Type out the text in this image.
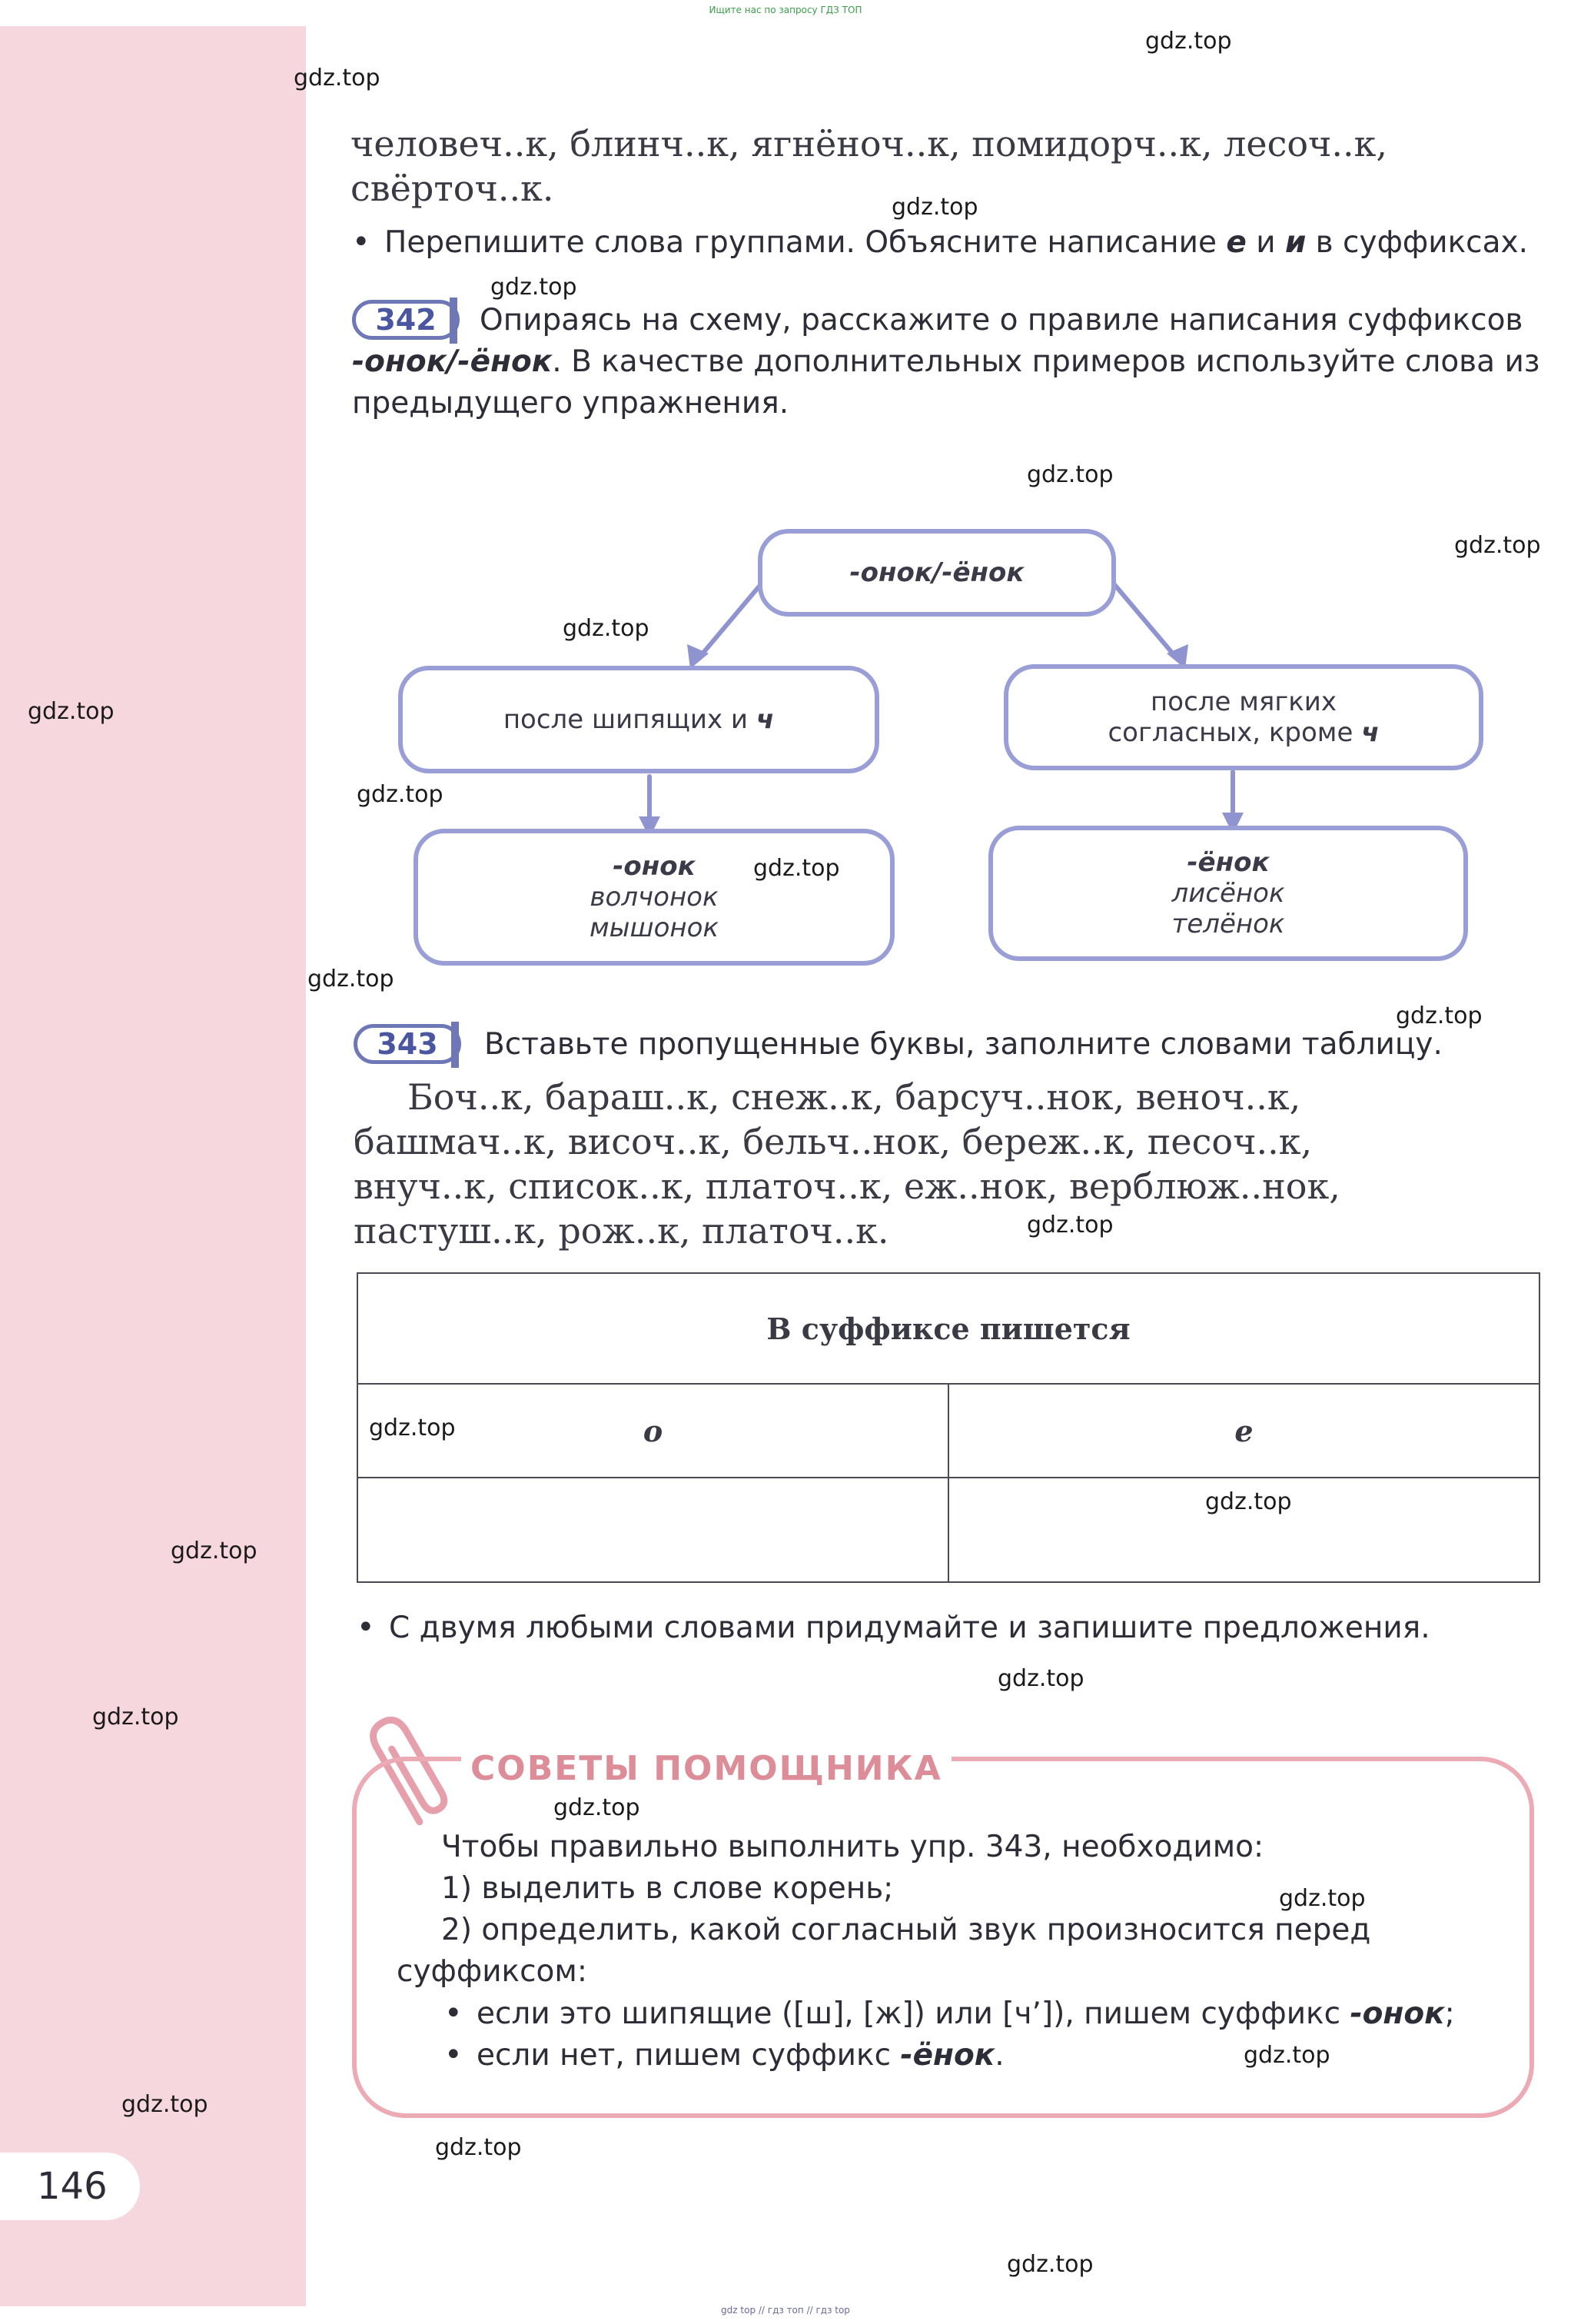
Ищите нас по запросу ГДЗ ТОП
человеч..к, блинч..к, ягнёноч..к, помидорч..к, лесоч..к,
свёрточ..к.
• Перепишите слова группами. Объясните написание е и и в суффиксах.
342	Опираясь на схему, расскажите о правиле написания суффиксов
-онок/-ёнок. В качестве дополнительных примеров используйте слова из
предыдущего упражнения.
-онок/-ёнок
после шипящих и ч
после мягких
согласных, кроме ч
-онок
волчонок
мышонок
-ёнок
лисёнок
телёнок
343	Вставьте пропущенные буквы, заполните словами таблицу.
Боч..к, бараш..к, снеж..к, барсуч..нок, веноч..к,
башмач..к, височ..к, бельч..нок, береж..к, песоч..к,
внуч..к, список..к, платоч..к, еж..нок, верблюж..нок,
пастуш..к, рож..к, платоч..к.
В суффиксе пишется	
о	е

• С двумя любыми словами придумайте и запишите предложения.
СОВЕТЫ ПОМОЩНИКА
Чтобы правильно выполнить упр. 343, необходимо:
1) выделить в слове корень;
2) определить, какой согласный звук произносится перед
суффиксом:
• если это шипящие ([ш], [ж]) или [ч’]), пишем суффикс -онок;
• если нет, пишем суффикс -ёнок.
146
gdz.top
gdz.top
gdz.top
gdz.top
gdz.top
gdz.top
gdz.top
gdz.top
gdz.top
gdz.top
gdz.top
gdz.top
gdz.top
gdz.top
gdz.top
gdz.top
gdz.top
gdz.top
gdz.top
gdz.top
gdz.top
gdz.top
gdz.top
gdz.top
gdz top // гдз топ // гдз top
